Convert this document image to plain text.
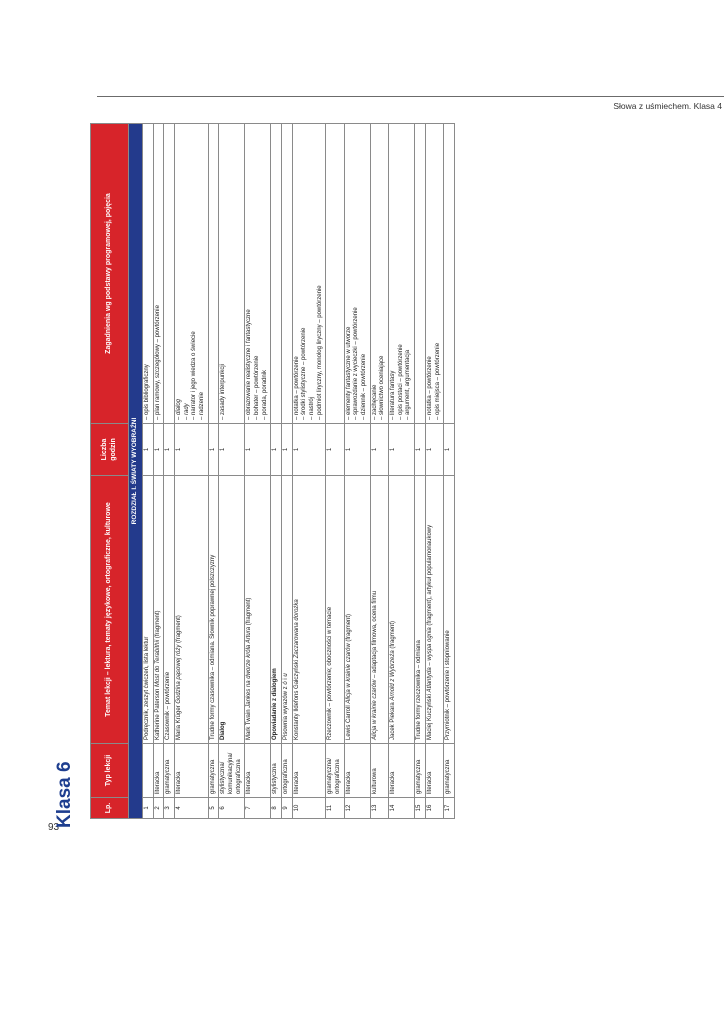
Słowa z uśmiechem. Klasa 4
93
Klasa 6	Lp.	Typ lekcji	Temat lekcji – lektura, tematy językowe, ortograficzne, kulturowe	Liczba godzin	Zagadnienia wg podstawy programowej, pojęcia
ROZDZIAŁ I. ŚWIATY WYOBRAŹNI				
1		Podręcznik, zeszyt ćwiczeń, lista lektur	1	– opis bibliograficzny

2	literacka	Katherine Paterson Most do Terabithii (fragment)	1	– plan ramowy, szczegółowy – powtórzenie

3	gramatyczna	Czasownik – powtórzenie	1	
4	literacka	Maria Krüger Godzina pąsowej róży (fragment)	1	– dialog – rady – narrator i jego wiedza o świecie – radzenie

5	gramatyczna	Trudne formy czasownika – odmiana. Słownik poprawnej polszczyzny	1	
6	stylistyczna/ komunikacyjna/ ortograficzna	Dialog	1	– zasady interpunkcji

7	literacka	Mark Twain Jankes na dworze króla Artura (fragment)	1	– obrazowanie realistyczne i fantastyczne – bohater – powtórzenie – porada, poradnik

8	stylistyczna	Opowiadanie z dialogiem	1	
9	ortograficzna	Pisownia wyrazów z ó i u	1	
10	literacka	Konstanty Ildefons Gałczyński Zaczarowana dorożka	1	– notatka – powtórzenie – środki stylistyczne – powtórzenie – nastrój – podmiot liryczny, monolog liryczny – powtórzenie

11	gramatyczna/ ortograficzna	Rzeczownik – powtórzenie; oboczności w temacie	1	
12	literacka	Lewis Carroll Alicja w krainie czarów (fragment)	1	– elementy fantastyczne w utworze – sprawozdanie z wycieczki – powtórzenie – dziennik – powtórzenie

13	kulturowa	Alicja w krainie czarów – adaptacja filmowa, ocena filmu	1	– zachęcanie – słownictwo oceniające

14	literacka	Jacek Piekara Arnold z Wybrzeża (fragment)	1	– literatura fantasy – opis postaci – powtórzenie – argument, argumentacja

15	gramatyczna	Trudne formy rzeczownika – odmiana	1	
16	literacka	Maciej Kuczyński Atlantyda – wyspa ognia (fragment), artykuł popularnonaukowy	1	– notatka – powtórzenie – opis miejsca – powtórzenie

17	gramatyczna	Przymiotnik – powtórzenie i stopniowanie	1	
